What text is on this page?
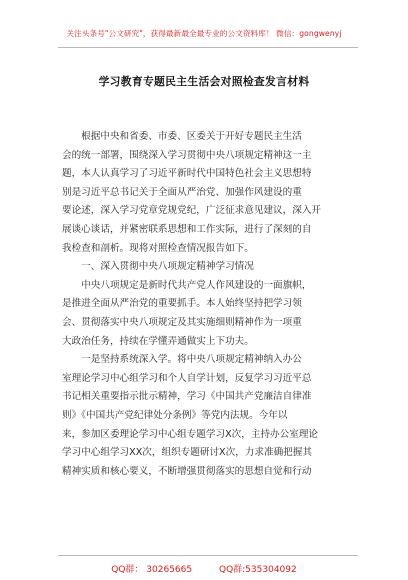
关注头条号"公文研究"，获得最新最全最专业的公文资料库！ 微信：gongwenyj
学习教育专题民主生活会对照检查发言材料
　　根据中央和省委、市委、区委关于开好专题民主生活
会的统一部署，围绕深入学习贯彻中央八项规定精神这一主
题，本人认真学习了习近平新时代中国特色社会主义思想特
别是习近平总书记关于全面从严治党、加强作风建设的重
要论述，深入学习党章党规党纪，广泛征求意见建议，深入开
展谈心谈话，并紧密联系思想和工作实际，进行了深刻的自
我检查和剖析。现将对照检查情况报告如下。
　　一、深入贯彻中央八项规定精神学习情况
　　中央八项规定是新时代共产党人作风建设的一面旗帜，
是推进全面从严治党的重要抓手。本人始终坚持把学习领
会、贯彻落实中央八项规定及其实施细则精神作为一项重
大政治任务，持续在学懂弄通做实上下功夫。
　　一是坚持系统深入学。将中央八项规定精神纳入办公
室理论学习中心组学习和个人自学计划，反复学习习近平总
书记相关重要指示批示精神，学习《中国共产党廉洁自律准
则》《中国共产党纪律处分条例》等党内法规。今年以
来，参加区委理论学习中心组专题学习X次，主持办公室理论
学习中心组学习XX次，组织专题研讨X次，力求准确把握其
精神实质和核心要义，不断增强贯彻落实的思想自觉和行动
QQ群： 30265665	QQ群:535304092
